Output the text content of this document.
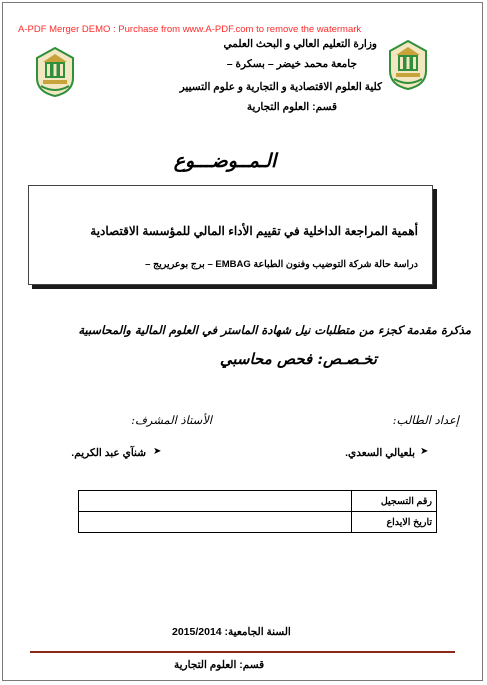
A-PDF Merger DEMO : Purchase from www.A-PDF.com to remove the watermark
وزارة التعليم العالي و البحث العلمي
جامعة محمد خيضر – بسكرة –
كلية العلوم الاقتصادية و التجارية و علوم التسيير
قسم: العلوم التجارية
الـمــوضـــوع
أهمية المراجعة الداخلية في تقييم الأداء المالي للمؤسسة الاقتصادية
دراسة حالة شركة التوضيب وفنون الطباعة EMBAG – برج بوعريريج –
مذكرة مقدمة كجزء من متطلبات نيل شهادة الماستر في العلوم المالية والمحاسبية
تخـصـص: فحص محاسبي
إعداد الطالب:
الأستاذ المشرف:
➤
بلعيالي السعدي.
➤
شنآي عبد الكريم.
	رقم التسجيل
	تاريخ الايداع
السنة الجامعية: 2015/2014
قسم: العلوم التجارية
